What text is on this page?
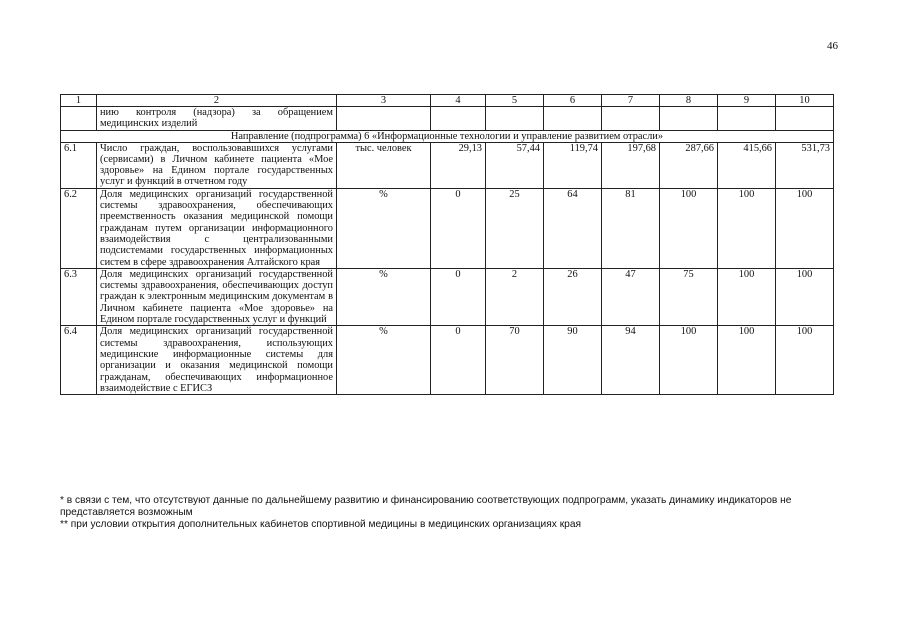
46
1	2	3	4	5	6	7	8	9	10
	нию контроля (надзора) за обращением медицинских изделий								
Направление (подпрограмма) 6 «Информационные технологии и управление развитием отрасли»									
6.1	Число граждан, воспользовавшихся услугами (сервисами) в Личном кабинете пациента «Мое здоровье» на Едином портале государственных услуг и функций в отчетном году	тыс. человек	29,13	57,44	119,74	197,68	287,66	415,66	531,73
6.2	Доля медицинских организаций государственной системы здравоохранения, обеспечивающих преемственность оказания медицинской помощи гражданам путем организации информационного взаимодействия с централизованными подсистемами государственных информационных систем в сфере здравоохранения Алтайского края	%	0	25	64	81	100	100	100
6.3	Доля медицинских организаций государственной системы здравоохранения, обеспечивающих доступ граждан к электронным медицинским документам в Личном кабинете пациента «Мое здоровье» на Едином портале государственных услуг и функций	%	0	2	26	47	75	100	100
6.4	Доля медицинских организаций государственной системы здравоохранения, использующих медицинские информационные системы для организации и оказания медицинской помощи гражданам, обеспечивающих информационное взаимодействие с ЕГИСЗ	%	0	70	90	94	100	100	100

* в связи с тем, что отсутствуют данные по дальнейшему развитию и финансированию соответствующих подпрограмм, указать динамику индикаторов не представляется возможным

** при условии открытия дополнительных кабинетов спортивной медицины в медицинских организациях края
